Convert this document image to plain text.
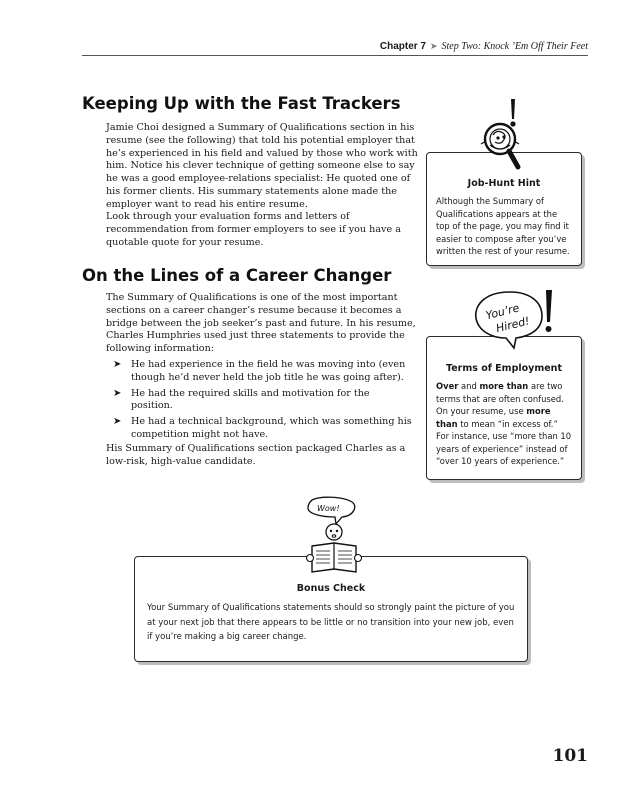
Chapter 7 ➤ Step Two: Knock ’Em Off Their Feet
Keeping Up with the Fast Trackers

Jamie Choi designed a Summary of Qualifications section in his resume (see the following) that told his potential employer that he’s experienced in his field and valued by those who work with him. Notice his clever technique of getting someone else to say he was a good employee-relations specialist: He quoted one of his former clients. His summary statements alone made the employer want to read his entire resume.

Look through your evaluation forms and letters of recommendation from former employers to see if you have a quotable quote for your resume.

On the Lines of a Career Changer

The Summary of Qualifications is one of the most important sections on a career changer’s resume because it becomes a bridge between the job seeker’s past and future. In his resume, Charles Humphries used just three statements to provide the following information:

➤ He had experience in the field he was moving into (even though he’d never held the job title he was going after).
➤ He had the required skills and motivation for the position.
➤ He had a technical background, which was something his competition might not have.

His Summary of Qualifications section packaged Charles as a low-risk, high-value candidate.

Job-Hunt Hint
Although the Summary of Qualifications appears at the top of the page, you may find it easier to compose after you’ve written the rest of your resume.
Terms of Employment
Over and more than are two terms that are often confused. On your resume, use more than to mean “in excess of.” For instance, use “more than 10 years of experience” instead of “over 10 years of experience.”
You’re
Hired!
Bonus Check
Your Summary of Qualifications statements should so strongly paint the picture of you at your next job that there appears to be little or no transition into your new job, even if you’re making a big career change.
Wow!
101
